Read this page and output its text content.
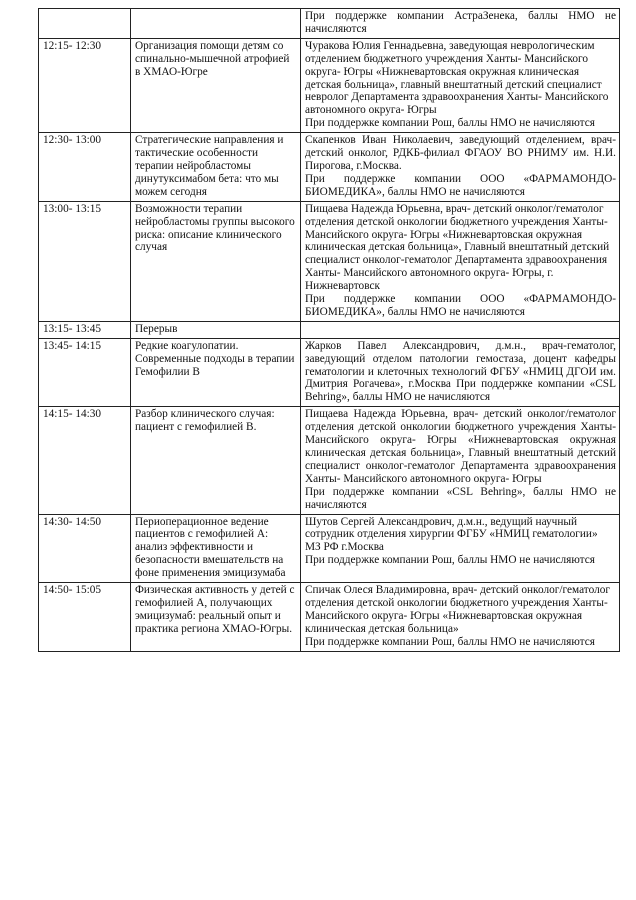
		При поддержке компании АстраЗенека, баллы НМО не начисляются

12:15- 12:30	Организация помощи детям со спинально-мышечной атрофией в ХМАО-Югре	Чуракова Юлия Геннадьевна, заведующая неврологическим отделением бюджетного учреждения Ханты- Мансийского округа- Югры «Нижневартовская окружная клиническая детская больница», главный внештатный детский специалист невролог Департамента здравоохранения Ханты- Мансийского автономного округа- Югры
При поддержке компании Рош, баллы НМО не начисляются

12:30- 13:00	Стратегические направления и тактические особенности терапии нейробластомы динутуксимабом бета: что мы можем сегодня	Скапенков Иван Николаевич, заведующий отделением, врач- детский онколог, РДКБ-филиал ФГАОУ ВО РНИМУ им. Н.И. Пирогова, г.Москва.
При поддержке компании ООО «ФАРМАМОНДО-БИОМЕДИКА», баллы НМО не начисляются

13:00- 13:15	Возможности терапии нейробластомы группы высокого риска: описание клинического случая	Пищаева Надежда Юрьевна, врач- детский онколог/гематолог отделения детской онкологии бюджетного учреждения Ханты- Мансийского округа- Югры «Нижневартовская окружная клиническая детская больница», Главный внештатный детский специалист онколог-гематолог Департамента здравоохранения Ханты- Мансийского автономного округа- Югры, г. Нижневартовск
При поддержке компании ООО «ФАРМАМОНДО-БИОМЕДИКА», баллы НМО не начисляются

13:15- 13:45	Перерыв	
13:45- 14:15	Редкие коагулопатии. Современные подходы в терапии Гемофилии В	Жарков Павел Александрович, д.м.н., врач-гематолог, заведующий отделом патологии гемостаза, доцент кафедры гематологии и клеточных технологий ФГБУ «НМИЦ ДГОИ им. Дмитрия Рогачева», г.Москва При поддержке компании «CSL Behring», баллы НМО не начисляются

14:15- 14:30	Разбор клинического случая: пациент с гемофилией В.	Пищаева Надежда Юрьевна, врач- детский онколог/гематолог отделения детской онкологии бюджетного учреждения Ханты- Мансийского округа- Югры «Нижневартовская окружная клиническая детская больница», Главный внештатный детский специалист онколог-гематолог Департамента здравоохранения Ханты- Мансийского автономного округа- Югры
При поддержке компании «CSL Behring», баллы НМО не начисляются

14:30- 14:50	Периоперационное ведение пациентов с гемофилией А: анализ эффективности и безопасности вмешательств на фоне применения эмицизумаба	Шутов Сергей Александрович, д.м.н., ведущий научный сотрудник отделения хирургии ФГБУ «НМИЦ гематологии» МЗ РФ г.Москва
При поддержке компании Рош, баллы НМО не начисляются

14:50- 15:05	Физическая активность у детей с гемофилией А, получающих эмицизумаб: реальный опыт и практика региона ХМАО-Югры.	Спичак Олеся Владимировна, врач- детский онколог/гематолог отделения детской онкологии бюджетного учреждения Ханты- Мансийского округа- Югры «Нижневартовская окружная клиническая детская больница»
При поддержке компании Рош, баллы НМО не начисляются
